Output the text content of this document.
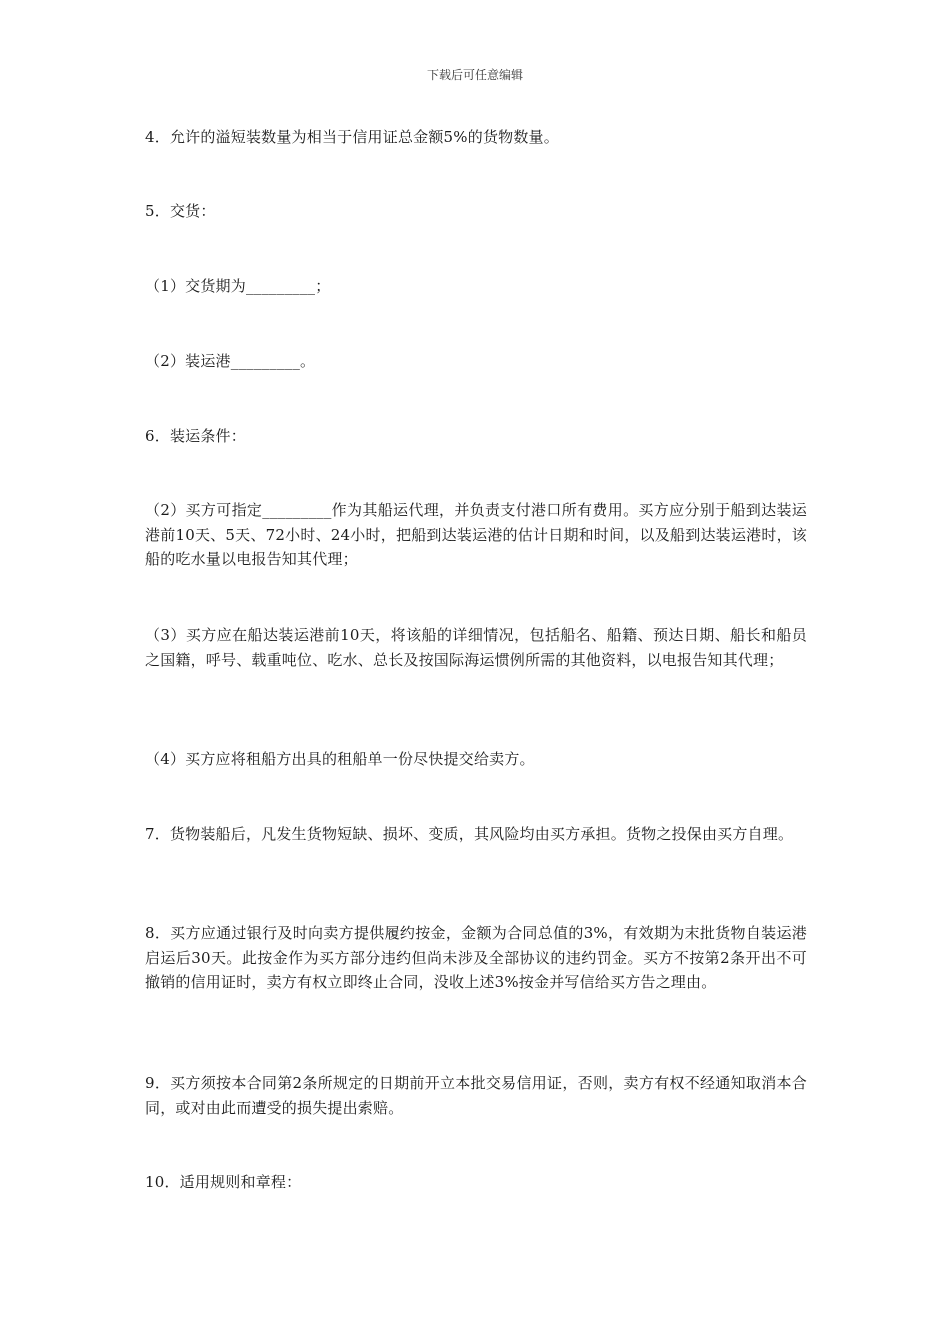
下载后可任意编辑
4．允许的溢短装数量为相当于信用证总金额5%的货物数量。
5．交货：
（1）交货期为_________；
（2）装运港_________。
6．装运条件：
（2）买方可指定_________作为其船运代理，并负责支付港口所有费用。买方应分别于船到达装运港前10天、5天、72小时、24小时，把船到达装运港的估计日期和时间，以及船到达装运港时，该船的吃水量以电报告知其代理；
（3）买方应在船达装运港前10天，将该船的详细情况，包括船名、船籍、预达日期、船长和船员之国籍，呼号、载重吨位、吃水、总长及按国际海运惯例所需的其他资料，以电报告知其代理；
（4）买方应将租船方出具的租船单一份尽快提交给卖方。
7．货物装船后，凡发生货物短缺、损坏、变质，其风险均由买方承担。货物之投保由买方自理。
8．买方应通过银行及时向卖方提供履约按金，金额为合同总值的3%，有效期为末批货物自装运港启运后30天。此按金作为买方部分违约但尚未涉及全部协议的违约罚金。买方不按第2条开出不可撤销的信用证时，卖方有权立即终止合同，没收上述3%按金并写信给买方告之理由。
9．买方须按本合同第2条所规定的日期前开立本批交易信用证，否则，卖方有权不经通知取消本合同，或对由此而遭受的损失提出索赔。
10．适用规则和章程：
